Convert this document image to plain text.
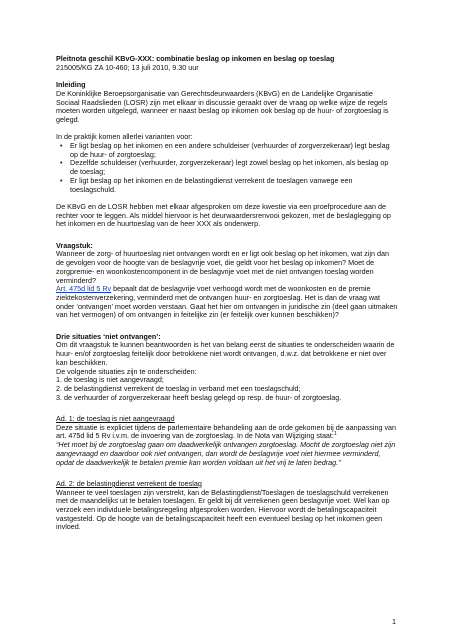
Pleitnota geschil KBvG-XXX: combinatie beslag op inkomen en beslag op toeslag

215005/KG ZA 10-460; 13 juli 2010, 9.30 uur

Inleiding

De Koninklijke Beroepsorganisatie van Gerechtsdeurwaarders (KBvG) en de Landelijke Organisatie Sociaal Raadslieden (LOSR) zijn met elkaar in discussie geraakt over de vraag op welke wijze de regels moeten worden uitgelegd, wanneer er naast beslag op inkomen ook beslag op de huur- of zorgtoeslag is gelegd.

In de praktijk komen allerlei varianten voor:

• Er ligt beslag op het inkomen en een andere schuldeiser (verhuurder of zorgverzekeraar) legt beslag op de huur- of zorgtoeslag;
• Dezelfde schuldeiser (verhuurder, zorgverzekeraar) legt zowel beslag op het inkomen, als beslag op de toeslag;
• Er ligt beslag op het inkomen en de belastingdienst verrekent de toeslagen vanwege een toeslagschuld.

De KBvG en de LOSR hebben met elkaar afgesproken om deze kwestie via een proefprocedure aan de rechter voor te leggen. Als middel hiervoor is het deurwaardersrenvooi gekozen, met de beslaglegging op het inkomen en de huurtoeslag van de heer XXX als onderwerp.

Vraagstuk:

Wanneer de zorg- of huurtoeslag niet ontvangen wordt en er ligt ook beslag op het inkomen, wat zijn dan de gevolgen voor de hoogte van de beslagvrije voet, die geldt voor het beslag op inkomen? Moet de zorgpremie- en woonkostencomponent in de beslagvrije voet met de niet ontvangen toeslag worden verminderd?

Art. 475d lid 5 Rv bepaalt dat de beslagvrije voet verhoogd wordt met de woonkosten en de premie ziektekostenverzekering, verminderd met de ontvangen huur- en zorgtoeslag. Het is dan de vraag wat onder ‘ontvangen’ moet worden verstaan. Gaat het hier om ontvangen in juridische zin (deel gaan uitmaken van het vermogen) of om ontvangen in feitelijke zin (er feitelijk over kunnen beschikken)?

Drie situaties ‘niet ontvangen’:

Om dit vraagstuk te kunnen beantwoorden is het van belang eerst de situaties te onderscheiden waarin de huur- en/of zorgtoeslag feitelijk door betrokkene niet wordt ontvangen, d.w.z. dat betrokkene er niet over kan beschikken.

De volgende situaties zijn te onderscheiden:

1. de toeslag is niet aangevraagd;

2. de belastingdienst verrekent de toeslag in verband met een toeslagschuld;

3. de verhuurder of zorgverzekeraar heeft beslag gelegd op resp. de huur- of zorgtoeslag.

Ad. 1: de toeslag is niet aangevraagd

Deze situatie is expliciet tijdens de parlementaire behandeling aan de orde gekomen bij de aanpassing van art. 475d lid 5 Rv i.v.m. de invoering van de zorgtoeslag. In de Nota van Wijziging staat:$^1$

“Het moet bij de zorgtoeslag gaan om daadwerkelijk ontvangen zorgtoeslag. Mocht de zorgtoeslag niet zijn aangevraagd en daardoor ook niet ontvangen, dan wordt de beslagvrije voet niet hiermee verminderd, opdat de daadwerkelijk te betalen premie kan worden voldaan uit het vrij te laten bedrag.”

Ad. 2: de belastingdienst verrekent de toeslag

Wanneer te veel toeslagen zijn verstrekt, kan de Belastingdienst/Toeslagen de toeslagschuld verrekenen met de maandelijks uit te betalen toeslagen. Er geldt bij dit verrekenen geen beslagvrije voet. Wel kan op verzoek een individuele betalingsregeling afgesproken worden. Hiervoor wordt de betalingscapaciteit vastgesteld. Op de hoogte van de betalingscapaciteit heeft een eventueel beslag op het inkomen geen invloed.

1
